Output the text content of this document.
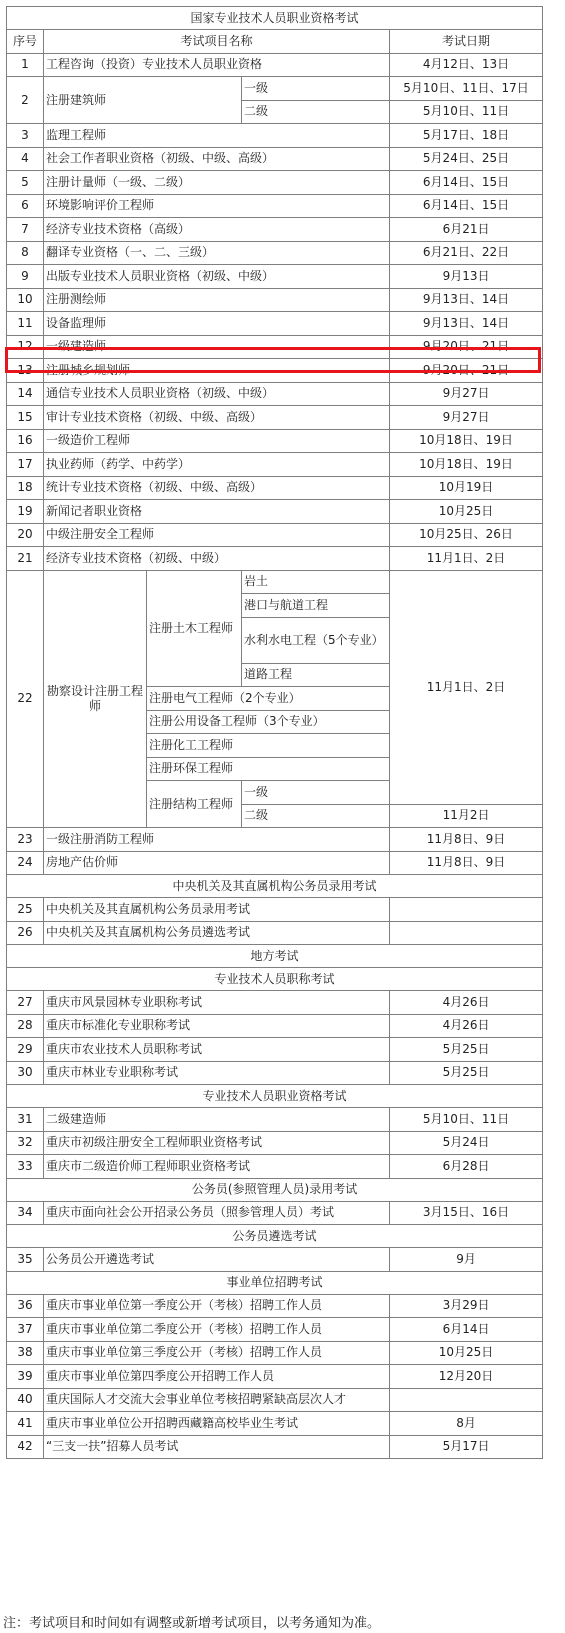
国家专业技术人员职业资格考试				
序号	考试项目名称			考试日期
1	工程咨询（投资）专业技术人员职业资格			4月12日、13日
2	注册建筑师		一级	5月10日、11日、17日
			二级	5月10日、11日
3	监理工程师			5月17日、18日
4	社会工作者职业资格（初级、中级、高级）			5月24日、25日
5	注册计量师（一级、二级）			6月14日、15日
6	环境影响评价工程师			6月14日、15日
7	经济专业技术资格（高级）			6月21日
8	翻译专业资格（一、二、三级）			6月21日、22日
9	出版专业技术人员职业资格（初级、中级）			9月13日
10	注册测绘师			9月13日、14日
11	设备监理师			9月13日、14日
12	一级建造师			9月20日、21日
13	注册城乡规划师			9月20日、21日
14	通信专业技术人员职业资格（初级、中级）			9月27日
15	审计专业技术资格（初级、中级、高级）			9月27日
16	一级造价工程师			10月18日、19日
17	执业药师（药学、中药学）			10月18日、19日
18	统计专业技术资格（初级、中级、高级）			10月19日
19	新闻记者职业资格			10月25日
20	中级注册安全工程师			10月25日、26日
21	经济专业技术资格（初级、中级）			11月1日、2日
22	勘察设计注册工程师	注册土木工程师	岩土	11月1日、2日
			港口与航道工程	
			水利水电工程（5个专业）	
			道路工程	
		注册电气工程师（2个专业）		
		注册公用设备工程师（3个专业）		
		注册化工工程师		
		注册环保工程师		
		注册结构工程师	一级	
			二级	11月2日
23	一级注册消防工程师			11月8日、9日
24	房地产估价师			11月8日、9日
中央机关及其直属机构公务员录用考试				
25	中央机关及其直属机构公务员录用考试			
26	中央机关及其直属机构公务员遴选考试			
地方考试				
专业技术人员职称考试				
27	重庆市风景园林专业职称考试			4月26日
28	重庆市标准化专业职称考试			4月26日
29	重庆市农业技术人员职称考试			5月25日
30	重庆市林业专业职称考试			5月25日
专业技术人员职业资格考试				
31	二级建造师			5月10日、11日
32	重庆市初级注册安全工程师职业资格考试			5月24日
33	重庆市二级造价师工程师职业资格考试			6月28日
公务员(参照管理人员)录用考试				
34	重庆市面向社会公开招录公务员（照参管理人员）考试			3月15日、16日
公务员遴选考试				
35	公务员公开遴选考试			9月
事业单位招聘考试				
36	重庆市事业单位第一季度公开（考核）招聘工作人员			3月29日
37	重庆市事业单位第二季度公开（考核）招聘工作人员			6月14日
38	重庆市事业单位第三季度公开（考核）招聘工作人员			10月25日
39	重庆市事业单位第四季度公开招聘工作人员			12月20日
40	重庆国际人才交流大会事业单位考核招聘紧缺高层次人才			
41	重庆市事业单位公开招聘西藏籍高校毕业生考试			8月
42	“三支一扶”招募人员考试			5月17日
注：考试项目和时间如有调整或新增考试项目，以考务通知为准。
